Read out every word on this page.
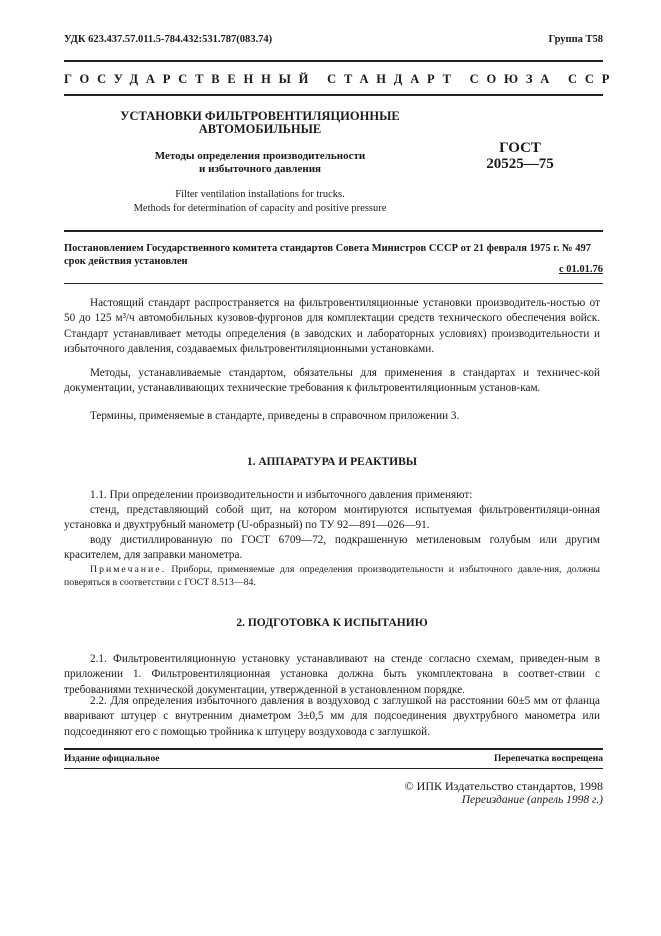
УДК 623.437.57.011.5-784.432:531.787(083.74)	Группа Т58
ГОСУДАРСТВЕННЫЙ СТАНДАРТ СОЮЗА ССР
УСТАНОВКИ ФИЛЬТРОВЕНТИЛЯЦИОННЫЕ
АВТОМОБИЛЬНЫЕ
Методы определения производительности
и избыточного давления
ГОСТ
20525—75
Filter ventilation installations for trucks.
Methods for determination of capacity and positive pressure
Постановлением Государственного комитета стандартов Совета Министров СССР от 21 февраля 1975 г. № 497
срок действия установлен
с 01.01.76
Настоящий стандарт распространяется на фильтровентиляционные установки производитель-ностью от 50 до 125 м³/ч автомобильных кузовов-фургонов для комплектации средств технического обеспечения войск. Стандарт устанавливает методы определения (в заводских и лабораторных условиях) производительности и избыточного давления, создаваемых фильтровентиляционными установками.
Методы, устанавливаемые стандартом, обязательны для применения в стандартах и техничес-кой документации, устанавливающих технические требования к фильтровентиляционным установ-кам.
Термины, применяемые в стандарте, приведены в справочном приложении 3.
1. АППАРАТУРА И РЕАКТИВЫ
1.1. При определении производительности и избыточного давления применяют:
стенд, представляющий собой щит, на котором монтируются испытуемая фильтровентиляци-онная установка и двухтрубный манометр (U-образный) по ТУ 92—891—026—91.
воду дистиллированную по ГОСТ 6709—72, подкрашенную метиленовым голубым или другим красителем, для заправки манометра.
Примечание. Приборы, применяемые для определения производительности и избыточного давле-ния, должны поверяться в соответствии с ГОСТ 8.513—84.
2. ПОДГОТОВКА К ИСПЫТАНИЮ
2.1. Фильтровентиляционную установку устанавливают на стенде согласно схемам, приведен-ным в приложении 1. Фильтровентиляционная установка должна быть укомплектована в соответ-ствии с требованиями технической документации, утвержденной в установленном порядке.
2.2. Для определения избыточного давления в воздуховод с заглушкой на расстоянии 60±5 мм от фланца вваривают штуцер с внутренним диаметром 3±0,5 мм для подсоединения двухтрубного манометра или подсоединяют его с помощью тройника к штуцеру воздуховода с заглушкой.
Издание официальное	Перепечатка воспрещена
© ИПК Издательство стандартов, 1998
Переиздание (апрель 1998 г.)
